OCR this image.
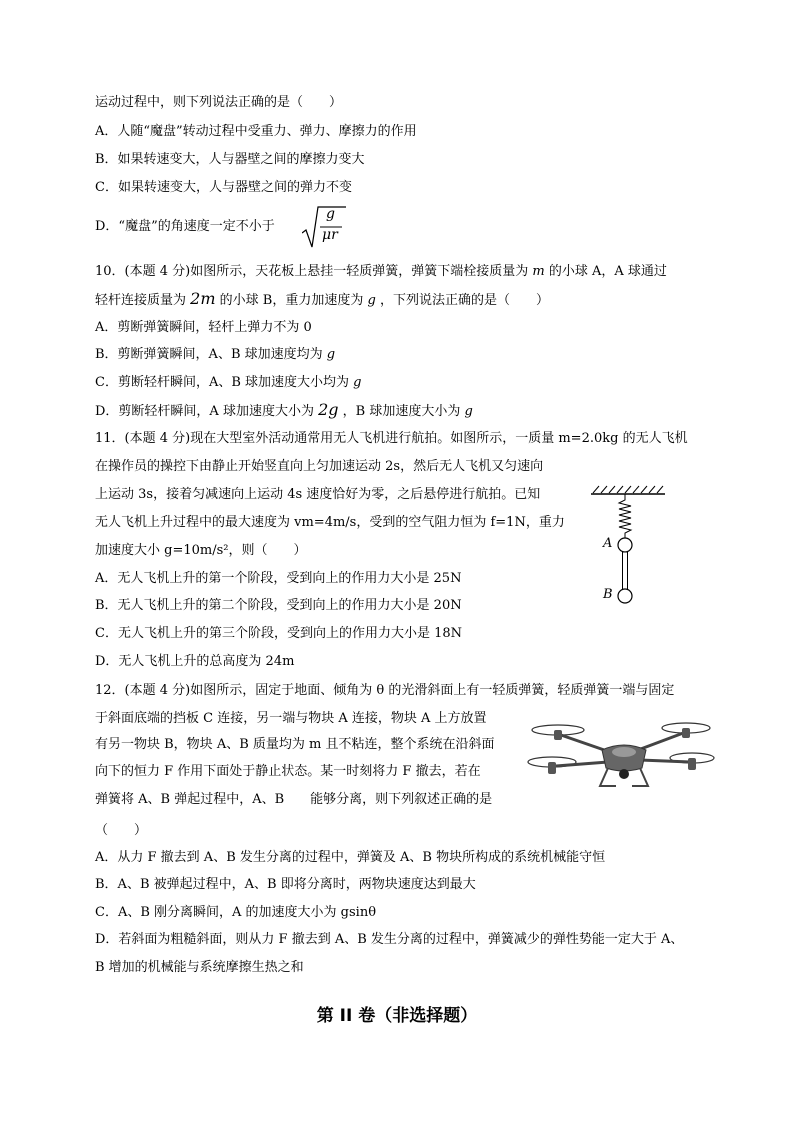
运动过程中，则下列说法正确的是（　　）
A．人随“魔盘”转动过程中受重力、弹力、摩擦力的作用
B．如果转速变大，人与器壁之间的摩擦力变大
C．如果转速变大，人与器壁之间的弹力不变
D．“魔盘”的角速度一定不小于
g
μr
10．(本题 4 分)如图所示，天花板上悬挂一轻质弹簧，弹簧下端栓接质量为 m 的小球 A，A 球通过
轻杆连接质量为 2m 的小球 B，重力加速度为 g ，下列说法正确的是（　　）
A．剪断弹簧瞬间，轻杆上弹力不为 0
B．剪断弹簧瞬间，A、B 球加速度均为 g
C．剪断轻杆瞬间，A、B 球加速度大小均为 g
D．剪断轻杆瞬间，A 球加速度大小为 2g ，B 球加速度大小为 g
11．(本题 4 分)现在大型室外活动通常用无人飞机进行航拍。如图所示，一质量 m=2.0kg 的无人飞机
在操作员的操控下由静止开始竖直向上匀加速运动 2s，然后无人飞机又匀速向
上运动 3s，接着匀减速向上运动 4s 速度恰好为零，之后悬停进行航拍。已知
无人飞机上升过程中的最大速度为 vm=4m/s，受到的空气阻力恒为 f=1N，重力
加速度大小 g=10m/s²，则（　　）
A．无人飞机上升的第一个阶段，受到向上的作用力大小是 25N
B．无人飞机上升的第二个阶段，受到向上的作用力大小是 20N
C．无人飞机上升的第三个阶段，受到向上的作用力大小是 18N
D．无人飞机上升的总高度为 24m
A
B
12．(本题 4 分)如图所示，固定于地面、倾角为 θ 的光滑斜面上有一轻质弹簧，轻质弹簧一端与固定
于斜面底端的挡板 C 连接，另一端与物块 A 连接，物块 A 上方放置
有另一物块 B，物块 A、B 质量均为 m 且不粘连，整个系统在沿斜面
向下的恒力 F 作用下面处于静止状态。某一时刻将力 F 撤去，若在
弹簧将 A、B 弹起过程中，A、B　　能够分离，则下列叙述正确的是
（　　）
A．从力 F 撤去到 A、B 发生分离的过程中，弹簧及 A、B 物块所构成的系统机械能守恒
B．A、B 被弹起过程中，A、B 即将分离时，两物块速度达到最大
C．A、B 刚分离瞬间，A 的加速度大小为 gsinθ
D．若斜面为粗糙斜面，则从力 F 撤去到 A、B 发生分离的过程中，弹簧减少的弹性势能一定大于 A、
B 增加的机械能与系统摩擦生热之和
第 II 卷（非选择题）
